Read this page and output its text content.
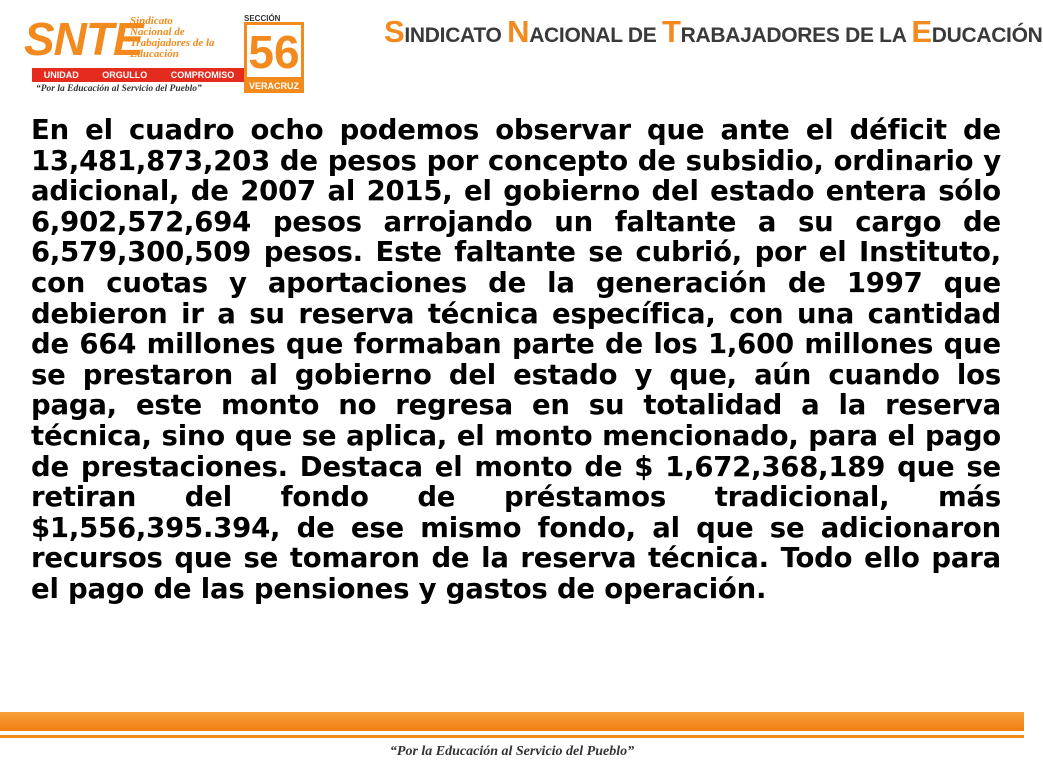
SNTE
Sindicato
Nacional de
Trabajadores de la
Educación
UNIDAD	ORGULLO	COMPROMISO
“Por la Educación al Servicio del Pueblo”
SECCIÓN
56
VERACRUZ
SINDICATO NACIONAL DE TRABAJADORES DE LA EDUCACIÓN
En el cuadro ocho podemos observar que ante el déficit de 13,481,873,203 de pesos por concepto de subsidio, ordinario y adicional, de 2007 al 2015, el gobierno del estado entera sólo 6,902,572,694 pesos arrojando un faltante a su cargo de 6,579,300,509 pesos. Este faltante se cubrió, por el Instituto, con cuotas y aportaciones de la generación de 1997 que debieron ir a su reserva técnica específica, con una cantidad de 664 millones que formaban parte de los 1,600 millones que se prestaron al gobierno del estado y que, aún cuando los paga, este monto no regresa en su totalidad a la reserva técnica, sino que se aplica, el monto mencionado, para el pago de prestaciones. Destaca el monto de $ 1,672,368,189 que se retiran del fondo de préstamos tradicional, más $1,556,395.394, de ese mismo fondo, al que se adicionaron recursos que se tomaron de la reserva técnica. Todo ello para el pago de las pensiones y gastos de operación.
“Por la Educación al Servicio del Pueblo”
